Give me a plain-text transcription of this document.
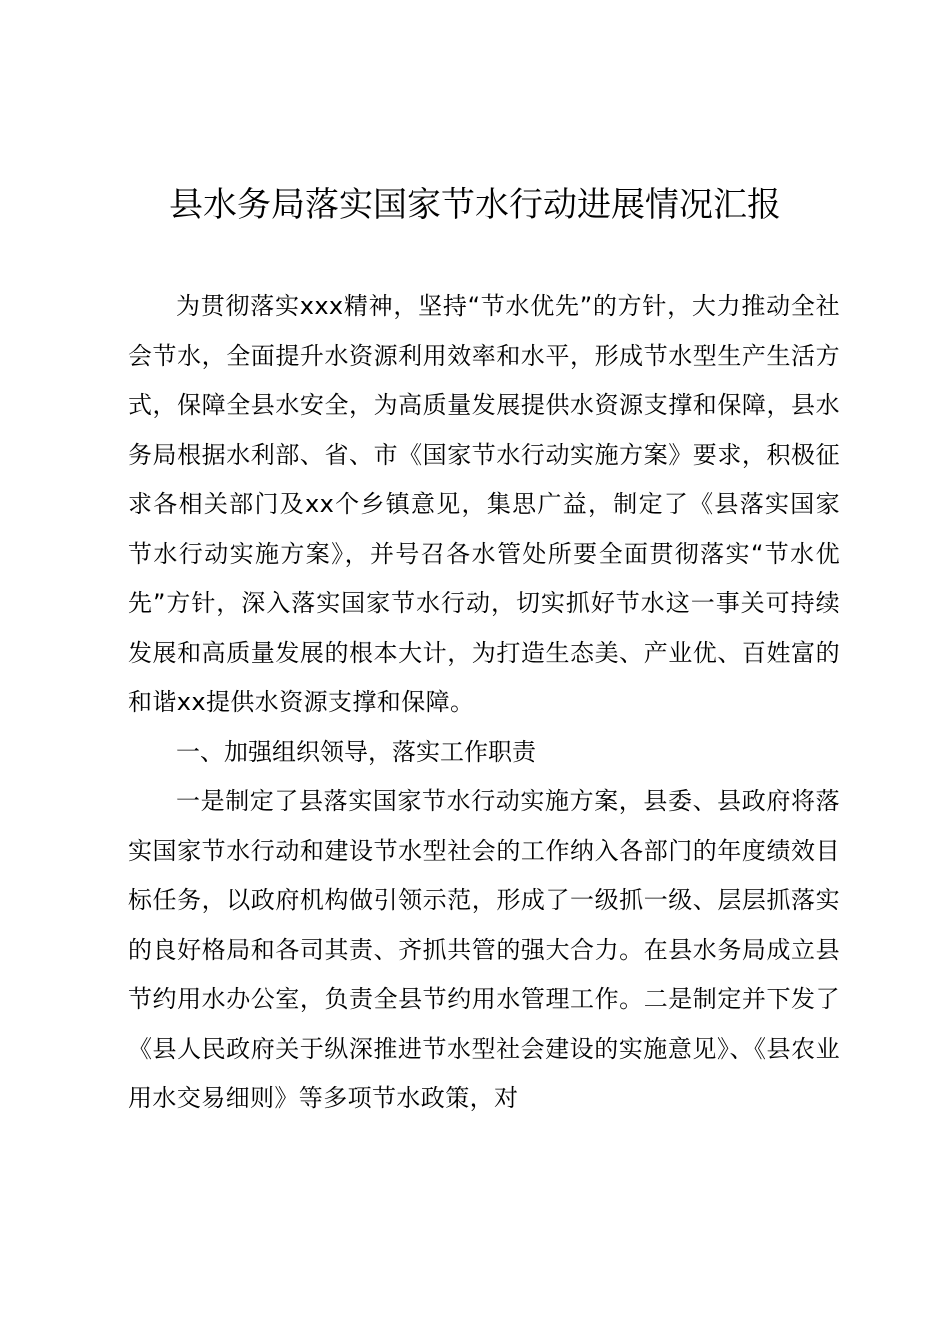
县水务局落实国家节水行动进展情况汇报

为贯彻落实xxx精神，坚持“节水优先”的方针，大力推动全社会节水，全面提升水资源利用效率和水平，形成节水型生产生活方式，保障全县水安全，为高质量发展提供水资源支撑和保障，县水务局根据水利部、省、市《国家节水行动实施方案》要求，积极征求各相关部门及xx个乡镇意见，集思广益，制定了《县落实国家节水行动实施方案》，并号召各水管处所要全面贯彻落实“节水优先”方针，深入落实国家节水行动，切实抓好节水这一事关可持续发展和高质量发展的根本大计，为打造生态美、产业优、百姓富的和谐xx提供水资源支撑和保障。

一、加强组织领导，落实工作职责

一是制定了县落实国家节水行动实施方案，县委、县政府将落实国家节水行动和建设节水型社会的工作纳入各部门的年度绩效目标任务，以政府机构做引领示范，形成了一级抓一级、层层抓落实的良好格局和各司其责、齐抓共管的强大合力。在县水务局成立县节约用水办公室，负责全县节约用水管理工作。二是制定并下发了《县人民政府关于纵深推进节水型社会建设的实施意见》、《县农业用水交易细则》等多项节水政策，对
